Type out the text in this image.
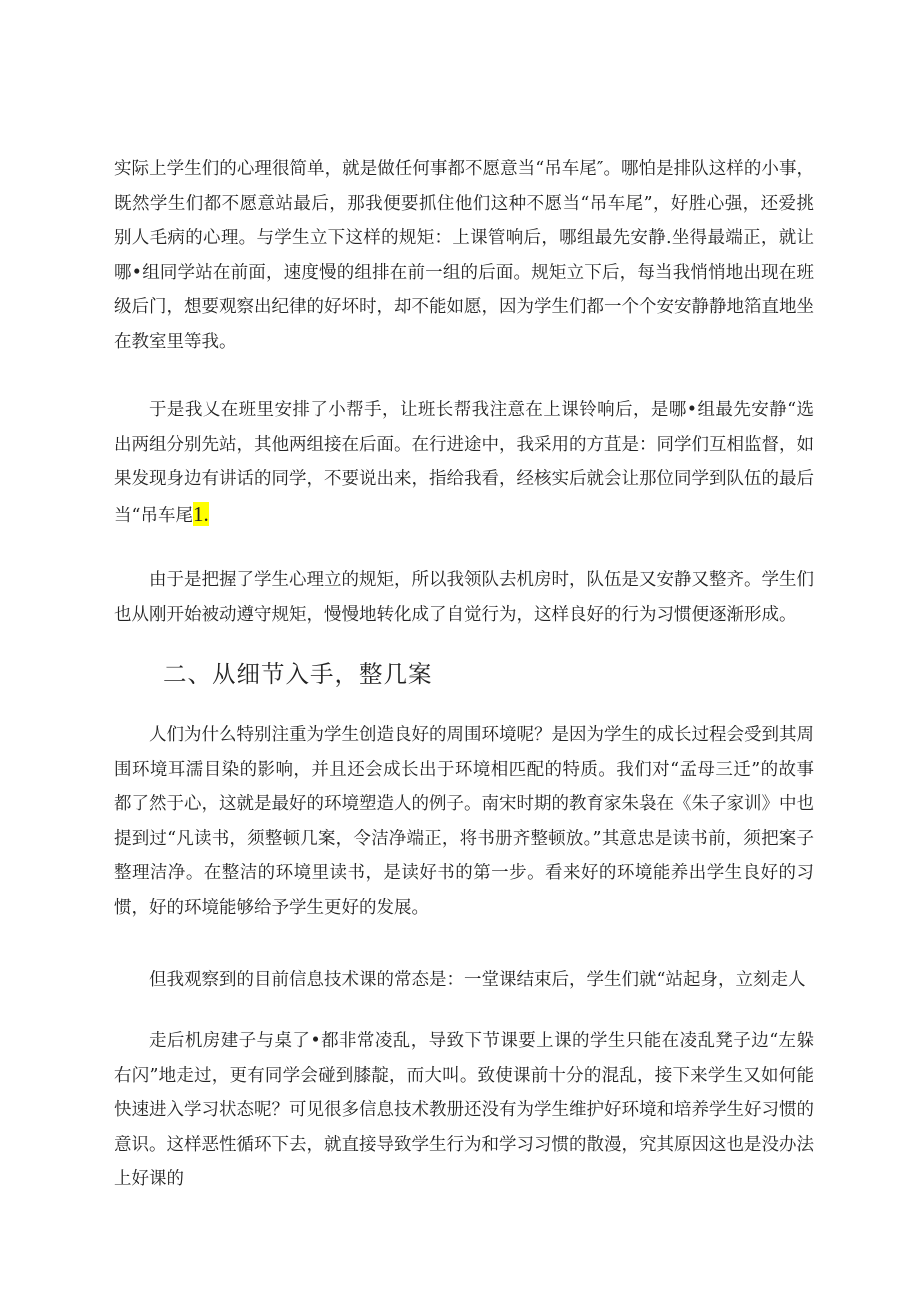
实际上学生们的心理很简单，就是做任何事都不愿意当“吊车尾″。哪怕是排队这样的小事，既然学生们都不愿意站最后，那我便要抓住他们这种不愿当“吊车尾”，好胜心强，还爱挑别人毛病的心理。与学生立下这样的规矩：上课管响后，哪组最先安静.坐得最端正，就让哪•组同学站在前面，速度慢的组排在前一组的后面。规矩立下后，每当我悄悄地出现在班级后门，想要观察出纪律的好坏时，却不能如愿，因为学生们都一个个安安静静地箔直地坐在教室里等我。

于是我乂在班里安排了小帮手，让班长帮我注意在上课铃响后，是哪•组最先安静“选出两组分别先站，其他两组接在后面。在行进途中，我采用的方苴是：同学们互相监督，如果发现身边有讲话的同学，不要说出来，指给我看，经核实后就会让那位同学到队伍的最后当“吊车尾1.

由于是把握了学生心理立的规矩，所以我领队去机房时，队伍是又安静又整齐。学生们也从刚开始被动遵守规矩，慢慢地转化成了自觉行为，这样良好的行为习惯便逐渐形成。

二、从细节入手，整几案

人们为什么特别注重为学生创造良好的周围环境呢？是因为学生的成长过程会受到其周围环境耳濡目染的影响，并且还会成长出于环境相匹配的特质。我们对“孟母三迁”的故事都了然于心，这就是最好的环境塑造人的例子。南宋时期的教育家朱袅在《朱子家训》中也提到过“凡读书，须整顿几案，令洁净端正，将书册齐整顿放。”其意忠是读书前，须把案子整理洁净。在整洁的环境里读书，是读好书的第一步。看来好的环境能养出学生良好的习惯，好的环境能够给予学生更好的发展。

但我观察到的目前信息技术课的常态是：一堂课结束后，学生们就“站起身，立刻走人

走后机房建子与桌了•都非常凌乱，导致下节课要上课的学生只能在凌乱凳子边“左躲右闪”地走过，更有同学会碰到膝靛，而大叫。致使课前十分的混乱，接下来学生又如何能快速进入学习状态呢？可见很多信息技术教册还没有为学生维护好环境和培养学生好习惯的意识。这样恶性循环下去，就直接导致学生行为和学习习惯的散漫，究其原因这也是没办法上好课的
